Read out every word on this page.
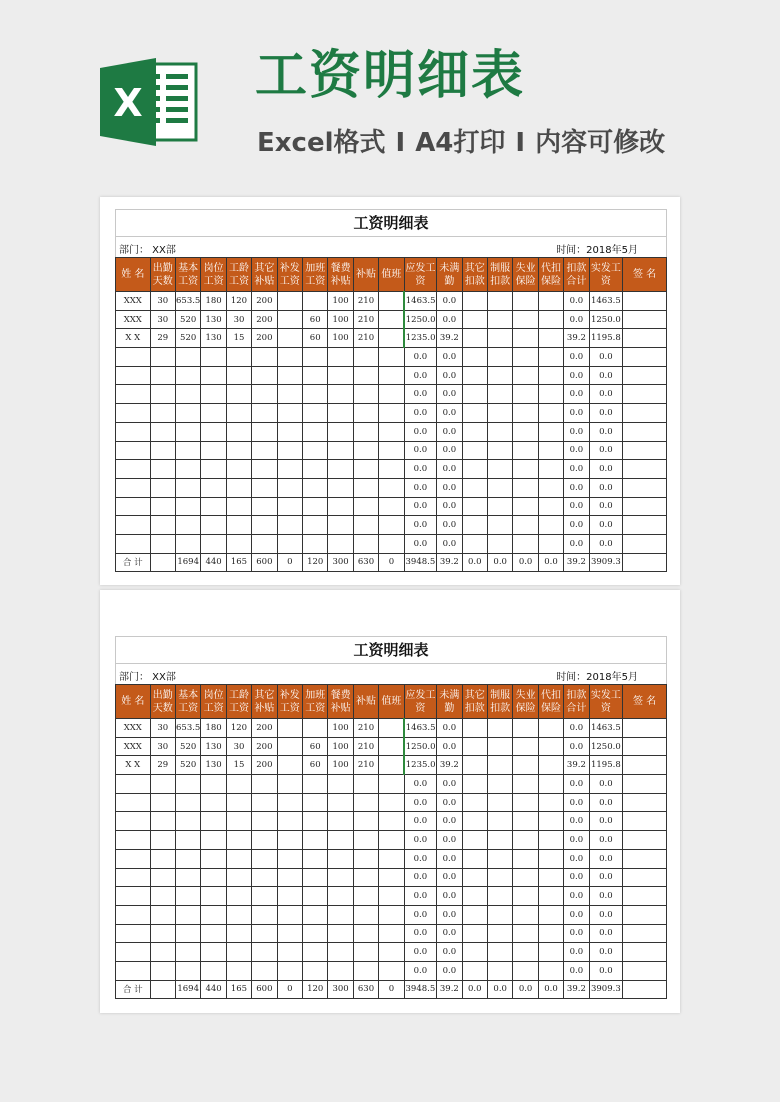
X 工资明细表
Excel格式 I A4打印 I 内容可修改
工资明细表
部门： XX部	时间：2018年5月
姓 名	出勤天数	基本工资	岗位工资	工龄工资	其它补贴	补发工资	加班工资	餐费补贴	补贴	值班	应发工资	未满勤	其它扣款	制服扣款	失业保险	代扣保险	扣款合计	实发工资	签 名
XXX	30	653.5	180	120	200			100	210		1463.5	0.0					0.0	1463.5	
XXX	30	520	130	30	200		60	100	210		1250.0	0.0					0.0	1250.0	
X X	29	520	130	15	200		60	100	210		1235.0	39.2					39.2	1195.8	
											0.0	0.0					0.0	0.0	
											0.0	0.0					0.0	0.0	
											0.0	0.0					0.0	0.0	
											0.0	0.0					0.0	0.0	
											0.0	0.0					0.0	0.0	
											0.0	0.0					0.0	0.0	
											0.0	0.0					0.0	0.0	
											0.0	0.0					0.0	0.0	
											0.0	0.0					0.0	0.0	
											0.0	0.0					0.0	0.0	
											0.0	0.0					0.0	0.0	
合 计		1694	440	165	600	0	120	300	630	0	3948.5	39.2	0.0	0.0	0.0	0.0	39.2	3909.3	
工资明细表
部门： XX部	时间：2018年5月
姓 名	出勤天数	基本工资	岗位工资	工龄工资	其它补贴	补发工资	加班工资	餐费补贴	补贴	值班	应发工资	未满勤	其它扣款	制服扣款	失业保险	代扣保险	扣款合计	实发工资	签 名
XXX	30	653.5	180	120	200			100	210		1463.5	0.0					0.0	1463.5	
XXX	30	520	130	30	200		60	100	210		1250.0	0.0					0.0	1250.0	
X X	29	520	130	15	200		60	100	210		1235.0	39.2					39.2	1195.8	
											0.0	0.0					0.0	0.0	
											0.0	0.0					0.0	0.0	
											0.0	0.0					0.0	0.0	
											0.0	0.0					0.0	0.0	
											0.0	0.0					0.0	0.0	
											0.0	0.0					0.0	0.0	
											0.0	0.0					0.0	0.0	
											0.0	0.0					0.0	0.0	
											0.0	0.0					0.0	0.0	
											0.0	0.0					0.0	0.0	
											0.0	0.0					0.0	0.0	
合 计		1694	440	165	600	0	120	300	630	0	3948.5	39.2	0.0	0.0	0.0	0.0	39.2	3909.3	
